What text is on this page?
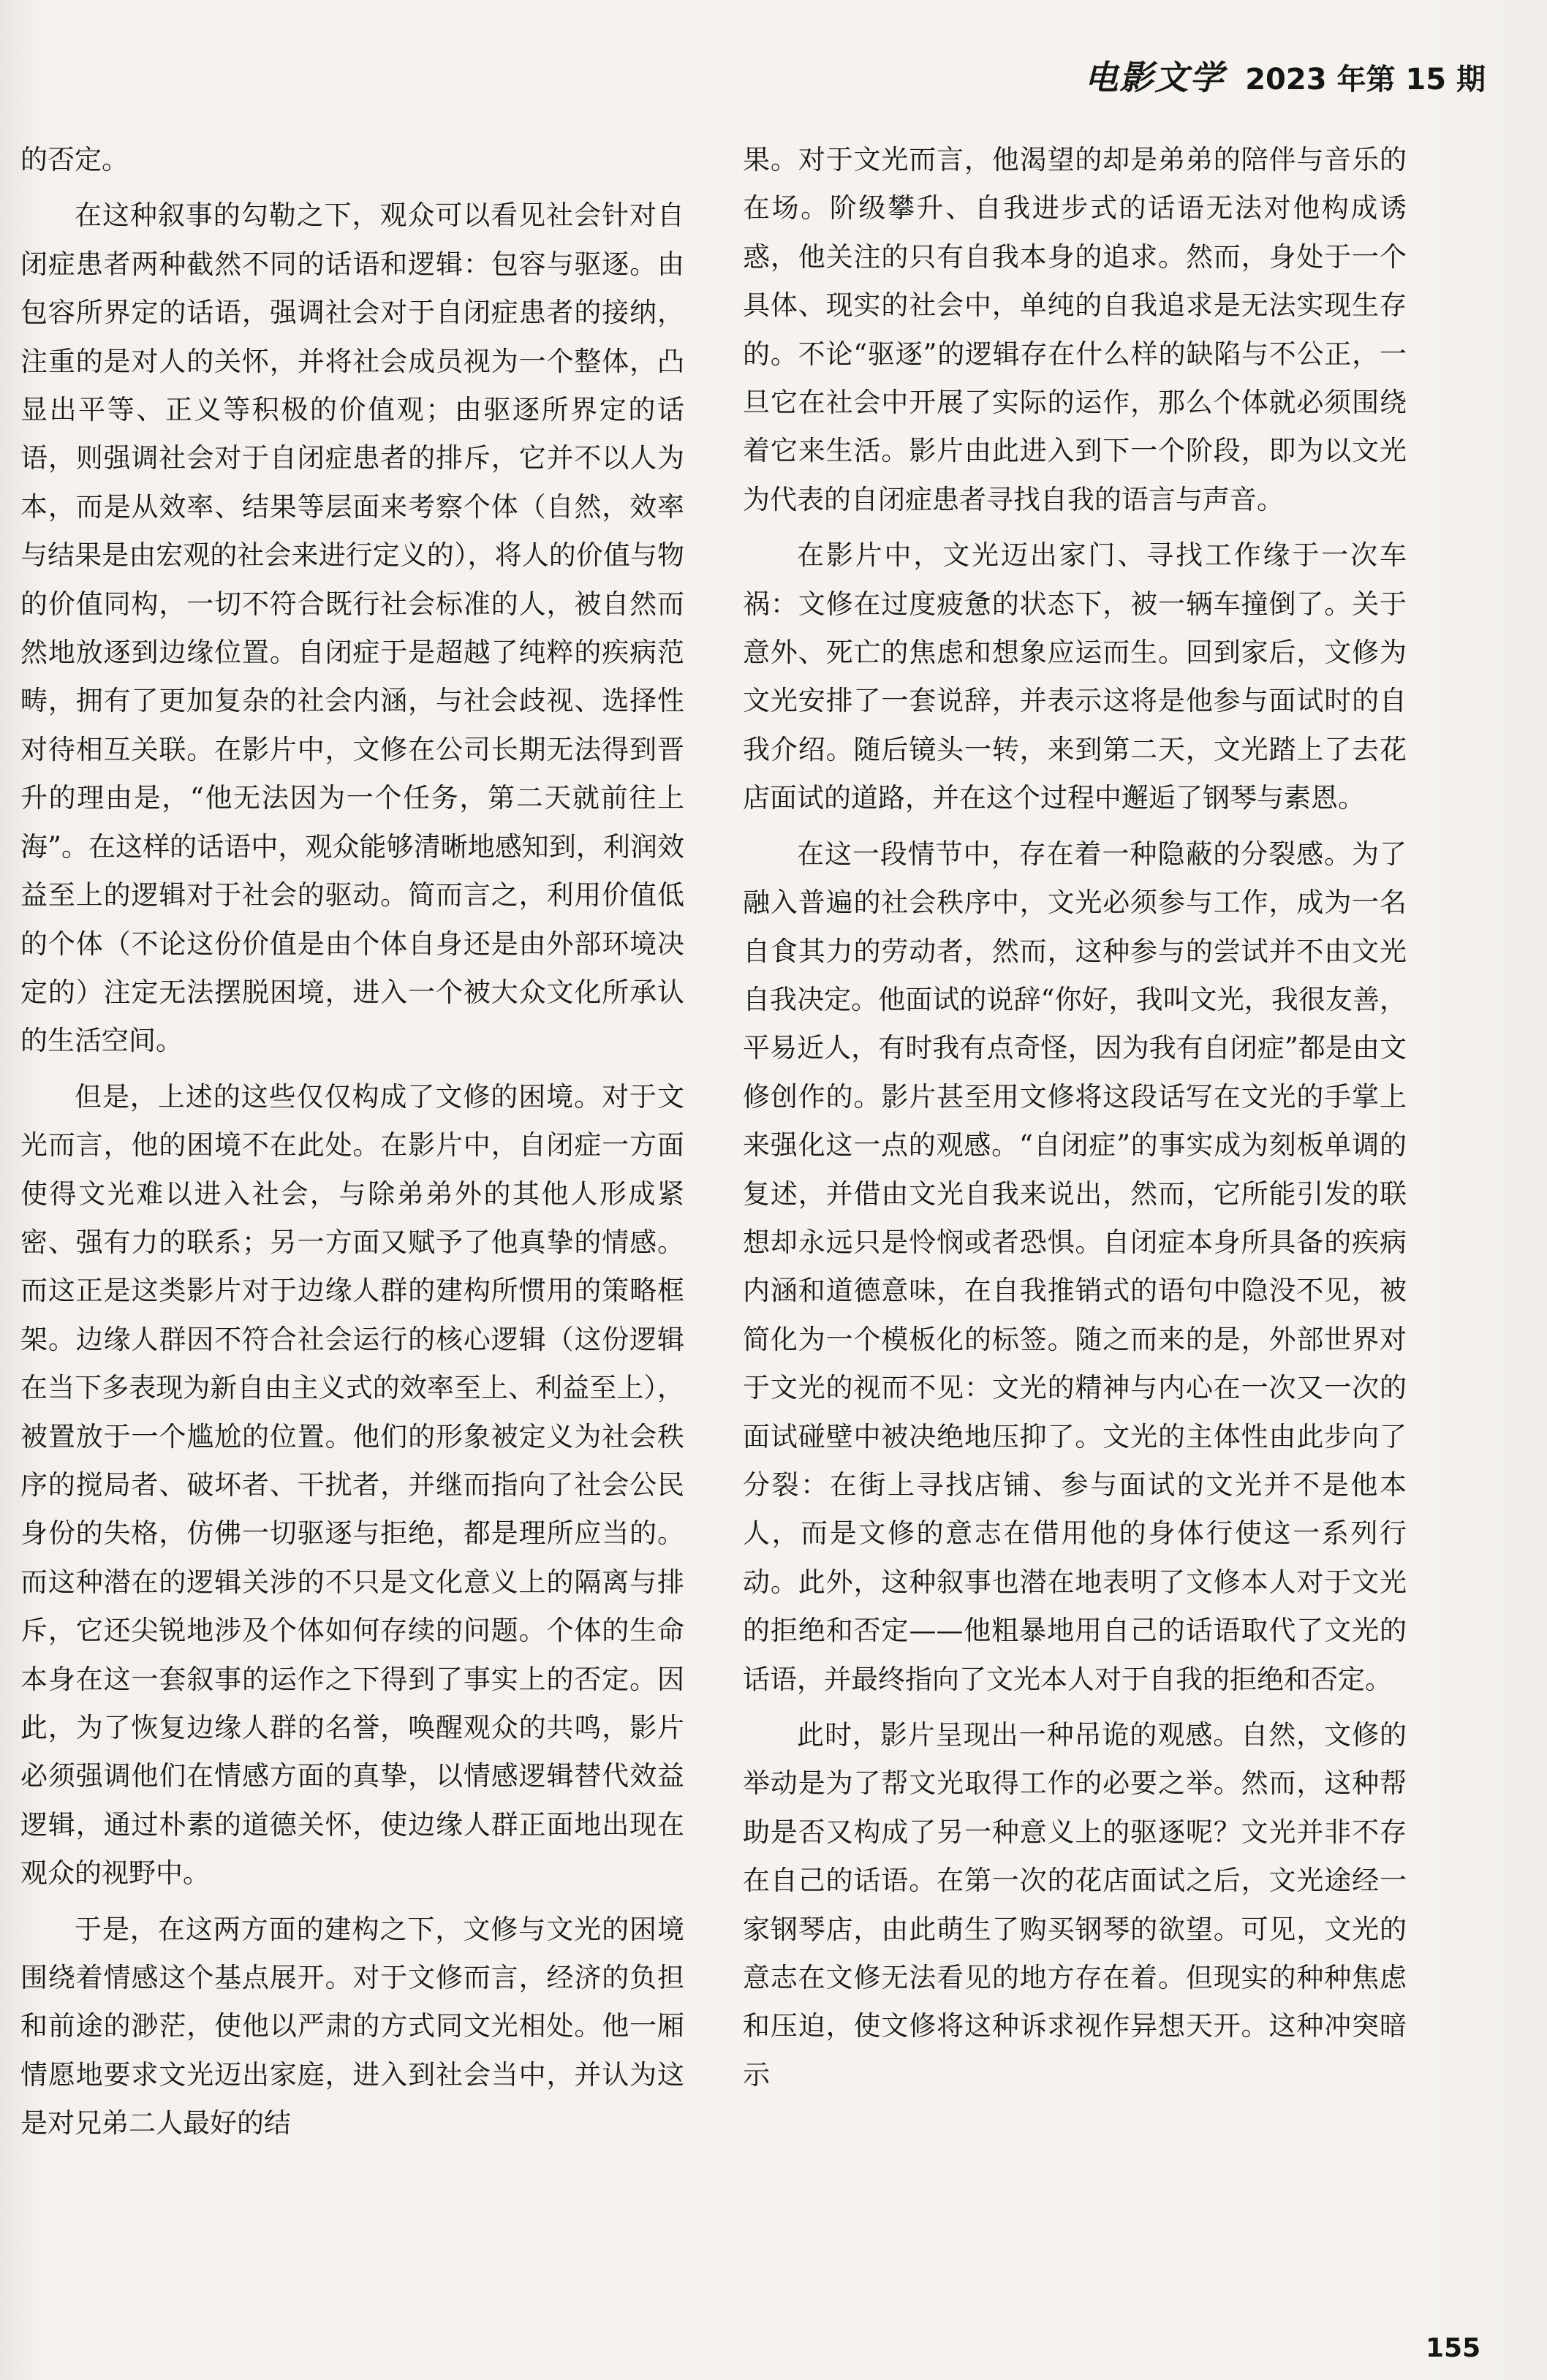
电影文学 2023 年第 15 期

的否定。

在这种叙事的勾勒之下，观众可以看见社会针对自闭症患者两种截然不同的话语和逻辑：包容与驱逐。由包容所界定的话语，强调社会对于自闭症患者的接纳，注重的是对人的关怀，并将社会成员视为一个整体，凸显出平等、正义等积极的价值观；由驱逐所界定的话语，则强调社会对于自闭症患者的排斥，它并不以人为本，而是从效率、结果等层面来考察个体（自然，效率与结果是由宏观的社会来进行定义的），将人的价值与物的价值同构，一切不符合既行社会标准的人，被自然而然地放逐到边缘位置。自闭症于是超越了纯粹的疾病范畴，拥有了更加复杂的社会内涵，与社会歧视、选择性对待相互关联。在影片中，文修在公司长期无法得到晋升的理由是，“他无法因为一个任务，第二天就前往上海”。在这样的话语中，观众能够清晰地感知到，利润效益至上的逻辑对于社会的驱动。简而言之，利用价值低的个体（不论这份价值是由个体自身还是由外部环境决定的）注定无法摆脱困境，进入一个被大众文化所承认的生活空间。

但是，上述的这些仅仅构成了文修的困境。对于文光而言，他的困境不在此处。在影片中，自闭症一方面使得文光难以进入社会，与除弟弟外的其他人形成紧密、强有力的联系；另一方面又赋予了他真挚的情感。而这正是这类影片对于边缘人群的建构所惯用的策略框架。边缘人群因不符合社会运行的核心逻辑（这份逻辑在当下多表现为新自由主义式的效率至上、利益至上），被置放于一个尴尬的位置。他们的形象被定义为社会秩序的搅局者、破坏者、干扰者，并继而指向了社会公民身份的失格，仿佛一切驱逐与拒绝，都是理所应当的。而这种潜在的逻辑关涉的不只是文化意义上的隔离与排斥，它还尖锐地涉及个体如何存续的问题。个体的生命本身在这一套叙事的运作之下得到了事实上的否定。因此，为了恢复边缘人群的名誉，唤醒观众的共鸣，影片必须强调他们在情感方面的真挚，以情感逻辑替代效益逻辑，通过朴素的道德关怀，使边缘人群正面地出现在观众的视野中。

于是，在这两方面的建构之下，文修与文光的困境围绕着情感这个基点展开。对于文修而言，经济的负担和前途的渺茫，使他以严肃的方式同文光相处。他一厢情愿地要求文光迈出家庭，进入到社会当中，并认为这是对兄弟二人最好的结

果。对于文光而言，他渴望的却是弟弟的陪伴与音乐的在场。阶级攀升、自我进步式的话语无法对他构成诱惑，他关注的只有自我本身的追求。然而，身处于一个具体、现实的社会中，单纯的自我追求是无法实现生存的。不论“驱逐”的逻辑存在什么样的缺陷与不公正，一旦它在社会中开展了实际的运作，那么个体就必须围绕着它来生活。影片由此进入到下一个阶段，即为以文光为代表的自闭症患者寻找自我的语言与声音。

在影片中，文光迈出家门、寻找工作缘于一次车祸：文修在过度疲惫的状态下，被一辆车撞倒了。关于意外、死亡的焦虑和想象应运而生。回到家后，文修为文光安排了一套说辞，并表示这将是他参与面试时的自我介绍。随后镜头一转，来到第二天，文光踏上了去花店面试的道路，并在这个过程中邂逅了钢琴与素恩。

在这一段情节中，存在着一种隐蔽的分裂感。为了融入普遍的社会秩序中，文光必须参与工作，成为一名自食其力的劳动者，然而，这种参与的尝试并不由文光自我决定。他面试的说辞“你好，我叫文光，我很友善，平易近人，有时我有点奇怪，因为我有自闭症”都是由文修创作的。影片甚至用文修将这段话写在文光的手掌上来强化这一点的观感。“自闭症”的事实成为刻板单调的复述，并借由文光自我来说出，然而，它所能引发的联想却永远只是怜悯或者恐惧。自闭症本身所具备的疾病内涵和道德意味，在自我推销式的语句中隐没不见，被简化为一个模板化的标签。随之而来的是，外部世界对于文光的视而不见：文光的精神与内心在一次又一次的面试碰壁中被决绝地压抑了。文光的主体性由此步向了分裂：在街上寻找店铺、参与面试的文光并不是他本人，而是文修的意志在借用他的身体行使这一系列行动。此外，这种叙事也潜在地表明了文修本人对于文光的拒绝和否定——他粗暴地用自己的话语取代了文光的话语，并最终指向了文光本人对于自我的拒绝和否定。

此时，影片呈现出一种吊诡的观感。自然，文修的举动是为了帮文光取得工作的必要之举。然而，这种帮助是否又构成了另一种意义上的驱逐呢？文光并非不存在自己的话语。在第一次的花店面试之后，文光途经一家钢琴店，由此萌生了购买钢琴的欲望。可见，文光的意志在文修无法看见的地方存在着。但现实的种种焦虑和压迫，使文修将这种诉求视作异想天开。这种冲突暗示

155
